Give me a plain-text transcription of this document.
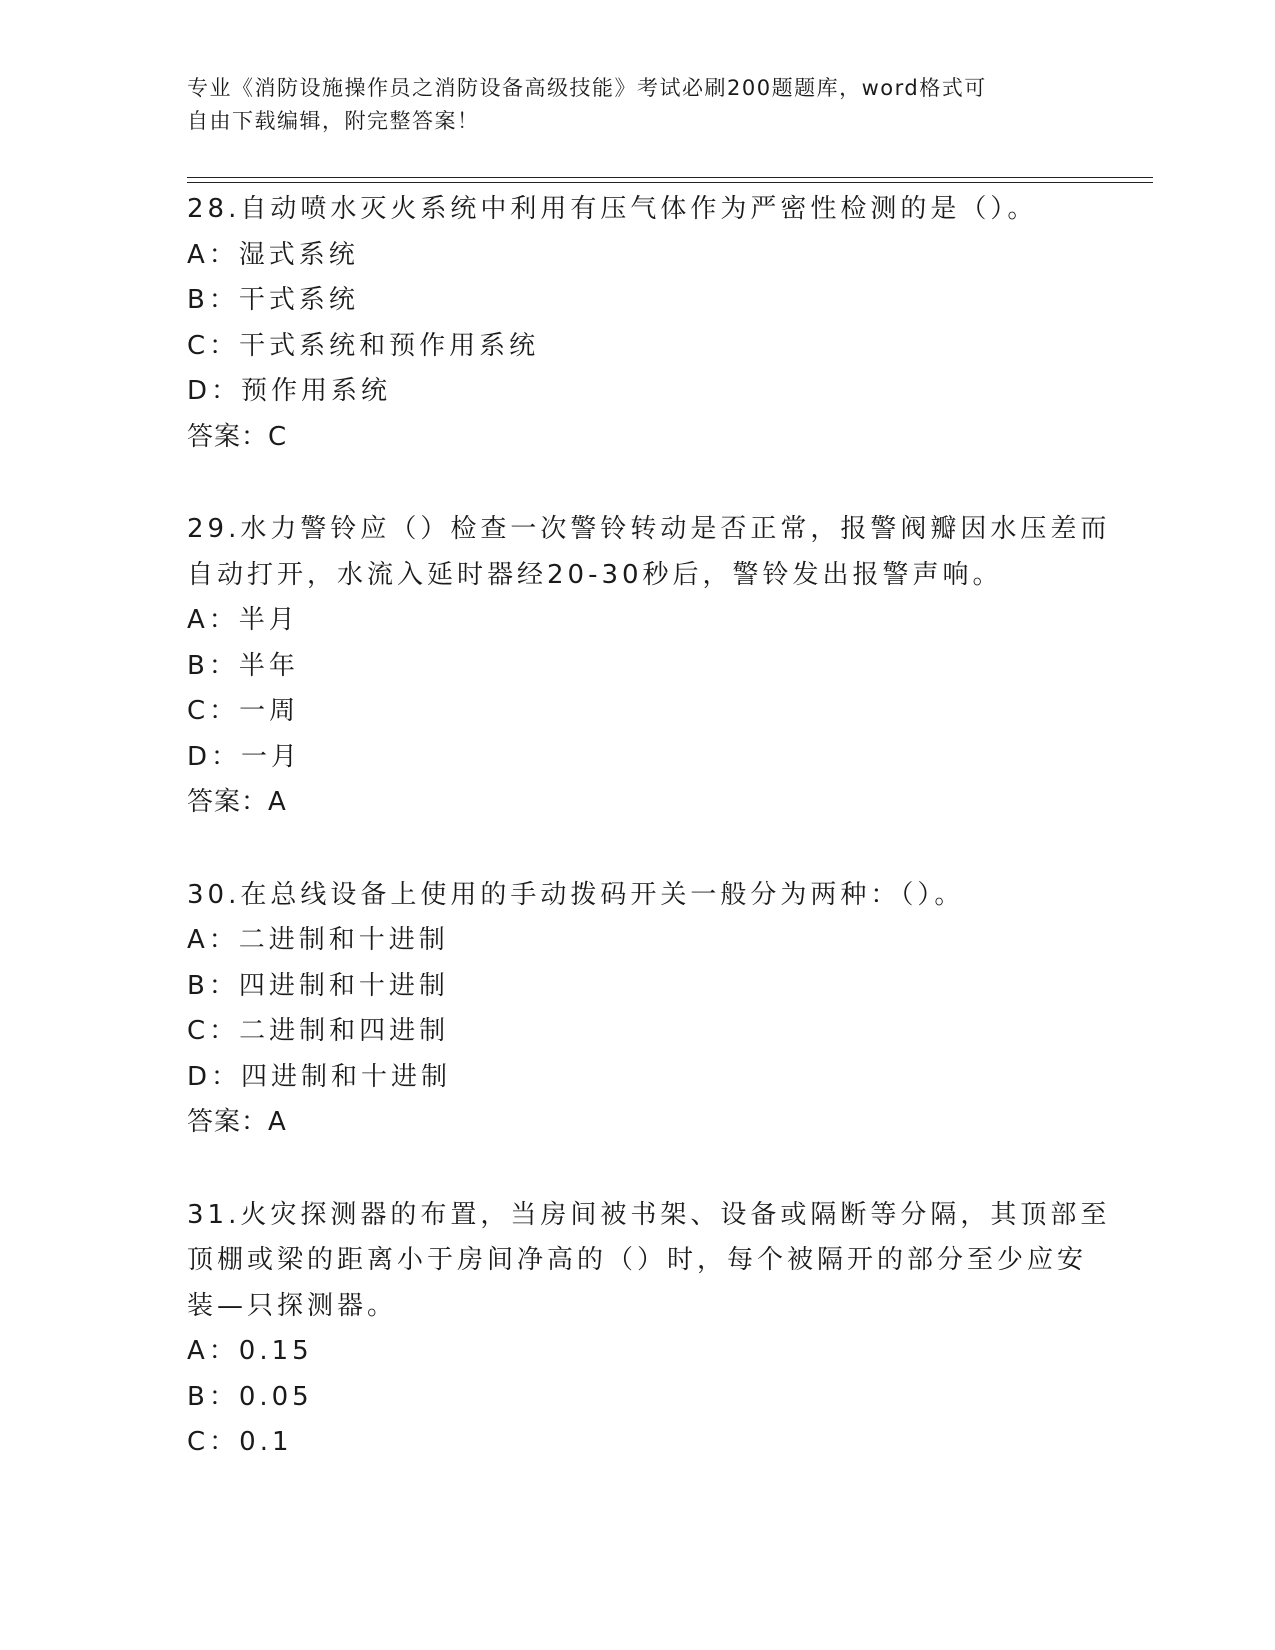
专业《消防设施操作员之消防设备高级技能》考试必刷200题题库，word格式可
自由下载编辑，附完整答案！
28.自动喷水灭火系统中利用有压气体作为严密性检测的是（）。
A：湿式系统
B：干式系统
C：干式系统和预作用系统
D：预作用系统
答案：C
29.水力警铃应（）检查一次警铃转动是否正常，报警阀瓣因水压差而
自动打开，水流入延时器经20-30秒后，警铃发出报警声响。
A：半月
B：半年
C：一周
D：一月
答案：A
30.在总线设备上使用的手动拨码开关一般分为两种：（）。
A：二进制和十进制
B：四进制和十进制
C：二进制和四进制
D：四进制和十进制
答案：A
31.火灾探测器的布置，当房间被书架、设备或隔断等分隔，其顶部至
顶棚或梁的距离小于房间净高的（）时，每个被隔开的部分至少应安
装—只探测器。
A：0.15
B：0.05
C：0.1
